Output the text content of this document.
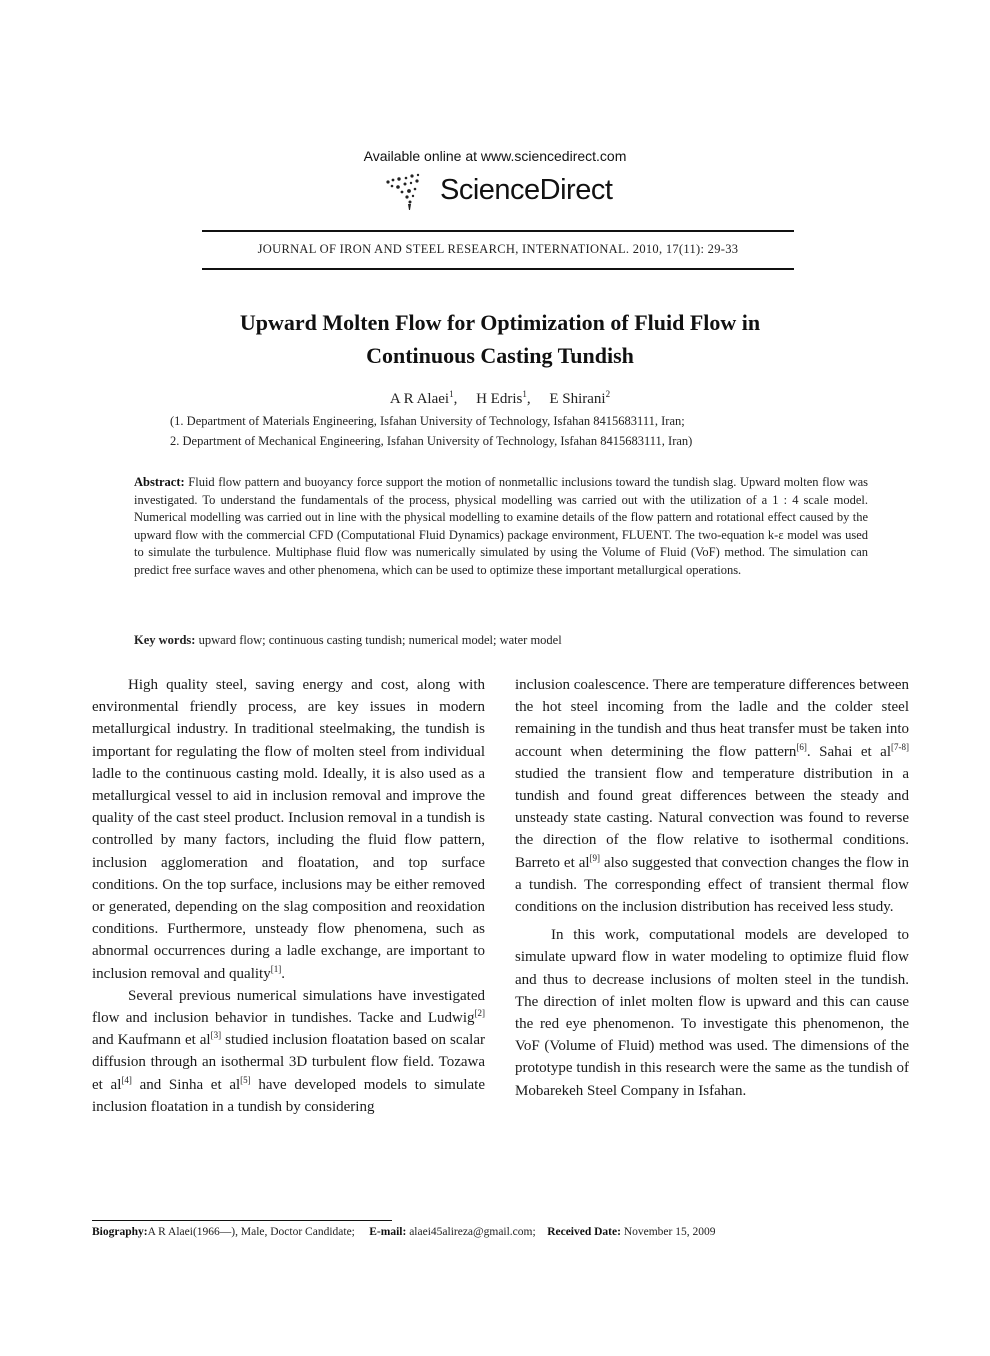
Available online at www.sciencedirect.com
ScienceDirect
JOURNAL OF IRON AND STEEL RESEARCH, INTERNATIONAL. 2010, 17(11): 29-33
Upward Molten Flow for Optimization of Fluid Flow in
Continuous Casting Tundish
A R Alaei$^1$,     H Edris$^1$,     E Shirani$^2$
(1. Department of Materials Engineering, Isfahan University of Technology, Isfahan 8415683111, Iran;
2. Department of Mechanical Engineering, Isfahan University of Technology, Isfahan 8415683111, Iran)
Abstract: Fluid flow pattern and buoyancy force support the motion of nonmetallic inclusions toward the tundish slag. Upward molten flow was investigated. To understand the fundamentals of the process, physical modelling was carried out with the utilization of a 1 : 4 scale model. Numerical modelling was carried out in line with the physical modelling to examine details of the flow pattern and rotational effect caused by the upward flow with the commercial CFD (Computational Fluid Dynamics) package environment, FLUENT. The two-equation k-ε model was used to simulate the turbulence. Multiphase fluid flow was numerically simulated by using the Volume of Fluid (VoF) method. The simulation can predict free surface waves and other phenomena, which can be used to optimize these important metallurgical operations.
Key words: upward flow; continuous casting tundish; numerical model; water model

High quality steel, saving energy and cost, along with environmental friendly process, are key issues in modern metallurgical industry. In traditional steelmaking, the tundish is important for regulating the flow of molten steel from individual ladle to the continuous casting mold. Ideally, it is also used as a metallurgical vessel to aid in inclusion removal and improve the quality of the cast steel product. Inclusion removal in a tundish is controlled by many factors, including the fluid flow pattern, inclusion agglomeration and floatation, and top surface conditions. On the top surface, inclusions may be either removed or generated, depending on the slag composition and reoxidation conditions. Furthermore, unsteady flow phenomena, such as abnormal occurrences during a ladle exchange, are important to inclusion removal and quality[1].

Several previous numerical simulations have investigated flow and inclusion behavior in tundishes. Tacke and Ludwig[2] and Kaufmann et al[3] studied inclusion floatation based on scalar diffusion through an isothermal 3D turbulent flow field. Tozawa et al[4] and Sinha et al[5] have developed models to simulate inclusion floatation in a tundish by considering

inclusion coalescence. There are temperature differences between the hot steel incoming from the ladle and the colder steel remaining in the tundish and thus heat transfer must be taken into account when determining the flow pattern[6]. Sahai et al[7-8] studied the transient flow and temperature distribution in a tundish and found great differences between the steady and unsteady state casting. Natural convection was found to reverse the direction of the flow relative to isothermal conditions. Barreto et al[9] also suggested that convection changes the flow in a tundish. The corresponding effect of transient thermal flow conditions on the inclusion distribution has received less study.

In this work, computational models are developed to simulate upward flow in water modeling to optimize fluid flow and thus to decrease inclusions of molten steel in the tundish. The direction of inlet molten flow is upward and this can cause the red eye phenomenon. To investigate this phenomenon, the VoF (Volume of Fluid) method was used. The dimensions of the prototype tundish in this research were the same as the tundish of Mobarekeh Steel Company in Isfahan.

Biography:A R Alaei(1966—), Male, Doctor Candidate; E-mail: alaei45alireza@gmail.com; Received Date: November 15, 2009
